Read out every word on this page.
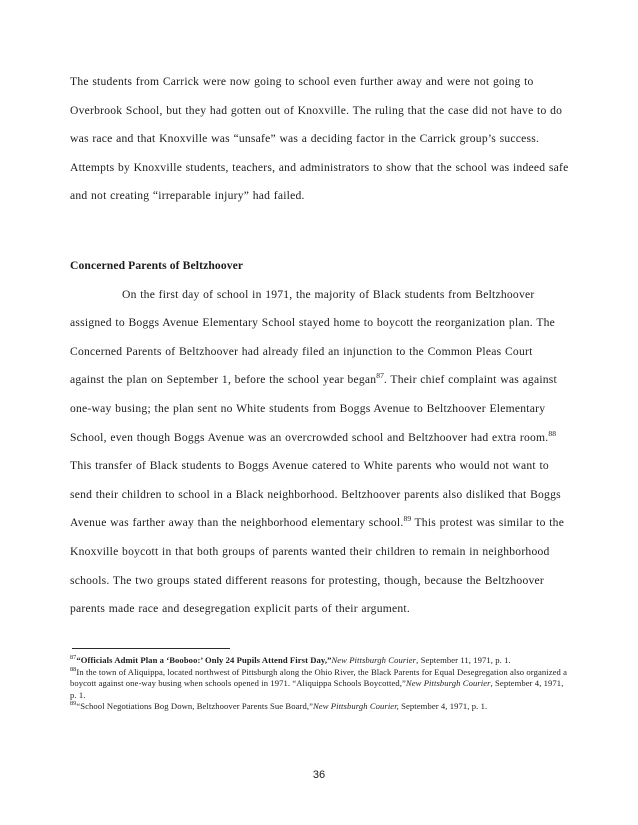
The students from Carrick were now going to school even further away and were not going to Overbrook School, but they had gotten out of Knoxville. The ruling that the case did not have to do was race and that Knoxville was “unsafe” was a deciding factor in the Carrick group’s success. Attempts by Knoxville students, teachers, and administrators to show that the school was indeed safe and not creating “irreparable injury” had failed.

Concerned Parents of Beltzhoover

On the first day of school in 1971, the majority of Black students from Beltzhoover assigned to Boggs Avenue Elementary School stayed home to boycott the reorganization plan. The Concerned Parents of Beltzhoover had already filed an injunction to the Common Pleas Court against the plan on September 1, before the school year began$^{87}$. Their chief complaint was against one-way busing; the plan sent no White students from Boggs Avenue to Beltzhoover Elementary School, even though Boggs Avenue was an overcrowded school and Beltzhoover had extra room.$^{88}$ This transfer of Black students to Boggs Avenue catered to White parents who would not want to send their children to school in a Black neighborhood. Beltzhoover parents also disliked that Boggs Avenue was farther away than the neighborhood elementary school.$^{89}$ This protest was similar to the Knoxville boycott in that both groups of parents wanted their children to remain in neighborhood schools. The two groups stated different reasons for protesting, though, because the Beltzhoover parents made race and desegregation explicit parts of their argument.

$^{87}$“Officials Admit Plan a ‘Booboo:’ Only 24 Pupils Attend First Day,”New Pittsburgh Courier, September 11, 1971, p. 1.

$^{88}$In the town of Aliquippa, located northwest of Pittsburgh along the Ohio River, the Black Parents for Equal Desegregation also organized a boycott against one-way busing when schools opened in 1971. “Aliquippa Schools Boycotted,”New Pittsburgh Courier, September 4, 1971, p. 1.

$^{89}$“School Negotiations Bog Down, Beltzhoover Parents Sue Board,”New Pittsburgh Courier, September 4, 1971, p. 1.

36
